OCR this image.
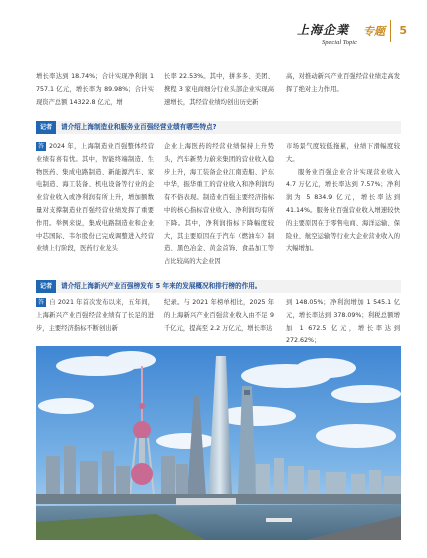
上海企業
Special Topic
专题 5

增长率达到 18.74%；合计实现净利润 1 757.1 亿元，增长率为 89.98%；合计实现资产总额 14322.8 亿元，增

长率 22.53%。其中，拼多多、美团、携程 3 家电商细分行业头部企业实现高速增长，其经营业绩均创出历史新

高，对推动新兴产业百强经营业绩走高发挥了绝对主力作用。

记者	请介绍上海制造业和服务业百强经营业绩有哪些特点?

答 2024 年，上海制造业百强整体经营业绩有喜有忧。其中，智能终端制造、生物医药、集成电路制造、新能源汽车、家电制造、海工装备、机电设备等行业的企业营业收入或净利润有所上升，增加额数量对支撑制造业百强经营业绩发挥了重要作用。举例来说，集成电路制造业和企业中芯国际、韦尔股份已完成调整进入经营业绩上行阶段，医药行业龙头

企业上海医药的经营业绩保持上升势头，汽车新势力蔚来集团的营业收入稳步上升，海工装备企业江南造船、沪东中华，振华重工的营业收入和净利润均有不俗表现。制造业百强主要经济指标中的核心指标营业收入、净利润均有所下降。其中，净利润指标下降幅度较大，其主要原因在于汽车（燃油车）制造、黑色冶金、黄金首饰、食品加工等占比较高的大企业因

市场景气度较低拖累，业绩下滑幅度较大。

服务业百强企业合计实现营业收入 4.7 万亿元，增长率达到 7.57%；净利润为 5 834.9 亿元，增长率达到 41.14%。服务业百强营业收入增速较快的主要原因在于零售电商、海洋运输、保险业、航空运输等行业大企业营业收入的大幅增加。

记者	请介绍上海新兴产业百强榜发布 5 年来的发展概况和排行榜的作用。

答 自 2021 年首次发布以来，五年间，上海新兴产业百强经营业绩有了长足的进步，主要经济指标不断创出新

纪录。与 2021 年榜单相比，2025 年的上海新兴产业百强营业收入由不足 9 千亿元，提高至 2.2 万亿元，增长率达

到 148.05%；净利润增加 1 545.1 亿元，增长率达到 378.09%；利税总额增加 1 672.5 亿元，增长率达到 272.62%；
